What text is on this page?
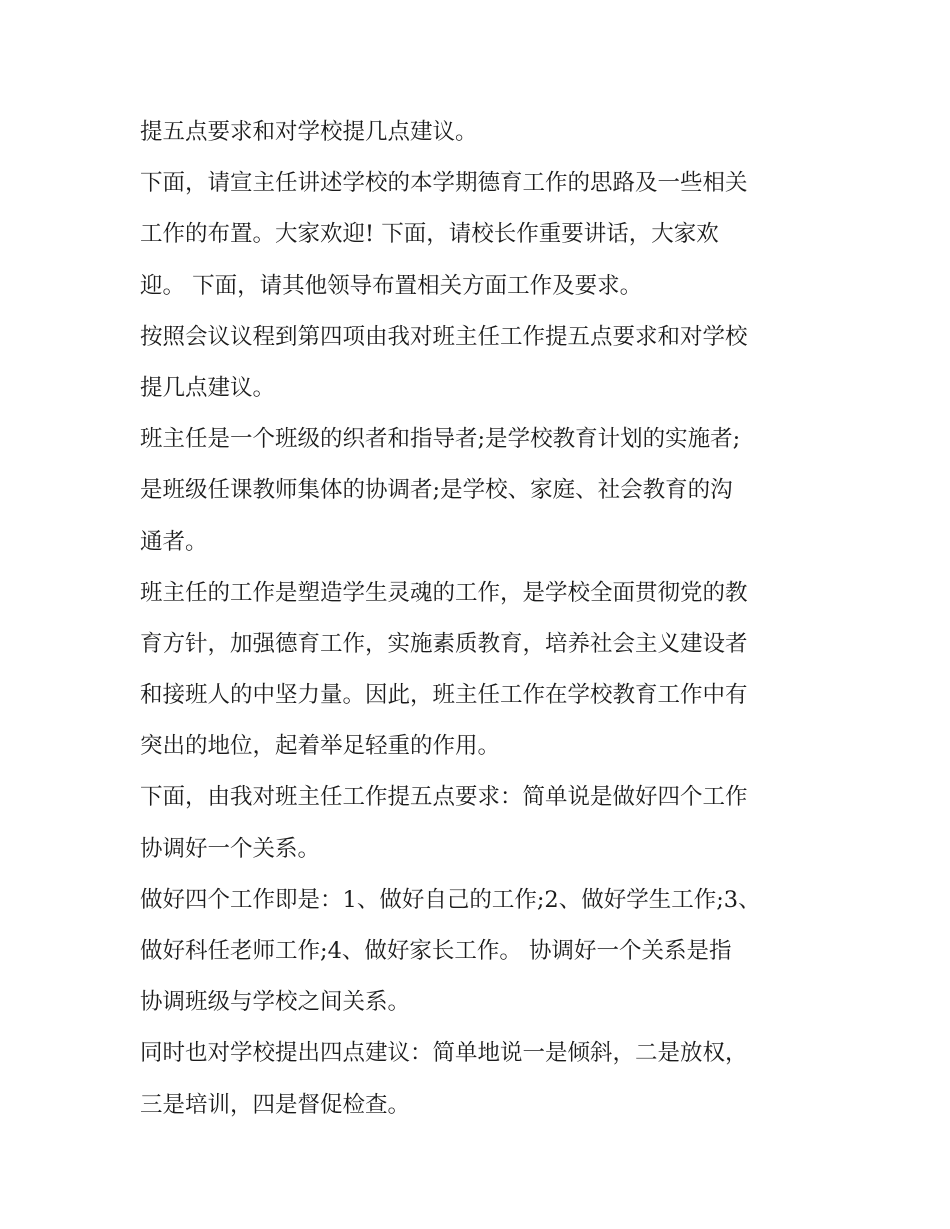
提五点要求和对学校提几点建议。
下面，请宣主任讲述学校的本学期德育工作的思路及一些相关
工作的布置。大家欢迎! 下面，请校长作重要讲话，大家欢
迎。 下面，请其他领导布置相关方面工作及要求。
按照会议议程到第四项由我对班主任工作提五点要求和对学校
提几点建议。
班主任是一个班级的织者和指导者;是学校教育计划的实施者;
是班级任课教师集体的协调者;是学校、家庭、社会教育的沟
通者。
班主任的工作是塑造学生灵魂的工作，是学校全面贯彻党的教
育方针，加强德育工作，实施素质教育，培养社会主义建设者
和接班人的中坚力量。因此，班主任工作在学校教育工作中有
突出的地位，起着举足轻重的作用。
下面，由我对班主任工作提五点要求：简单说是做好四个工作
协调好一个关系。
做好四个工作即是：1、做好自己的工作;2、做好学生工作;3、
做好科任老师工作;4、做好家长工作。 协调好一个关系是指
协调班级与学校之间关系。
同时也对学校提出四点建议：简单地说一是倾斜，二是放权，
三是培训，四是督促检查。
